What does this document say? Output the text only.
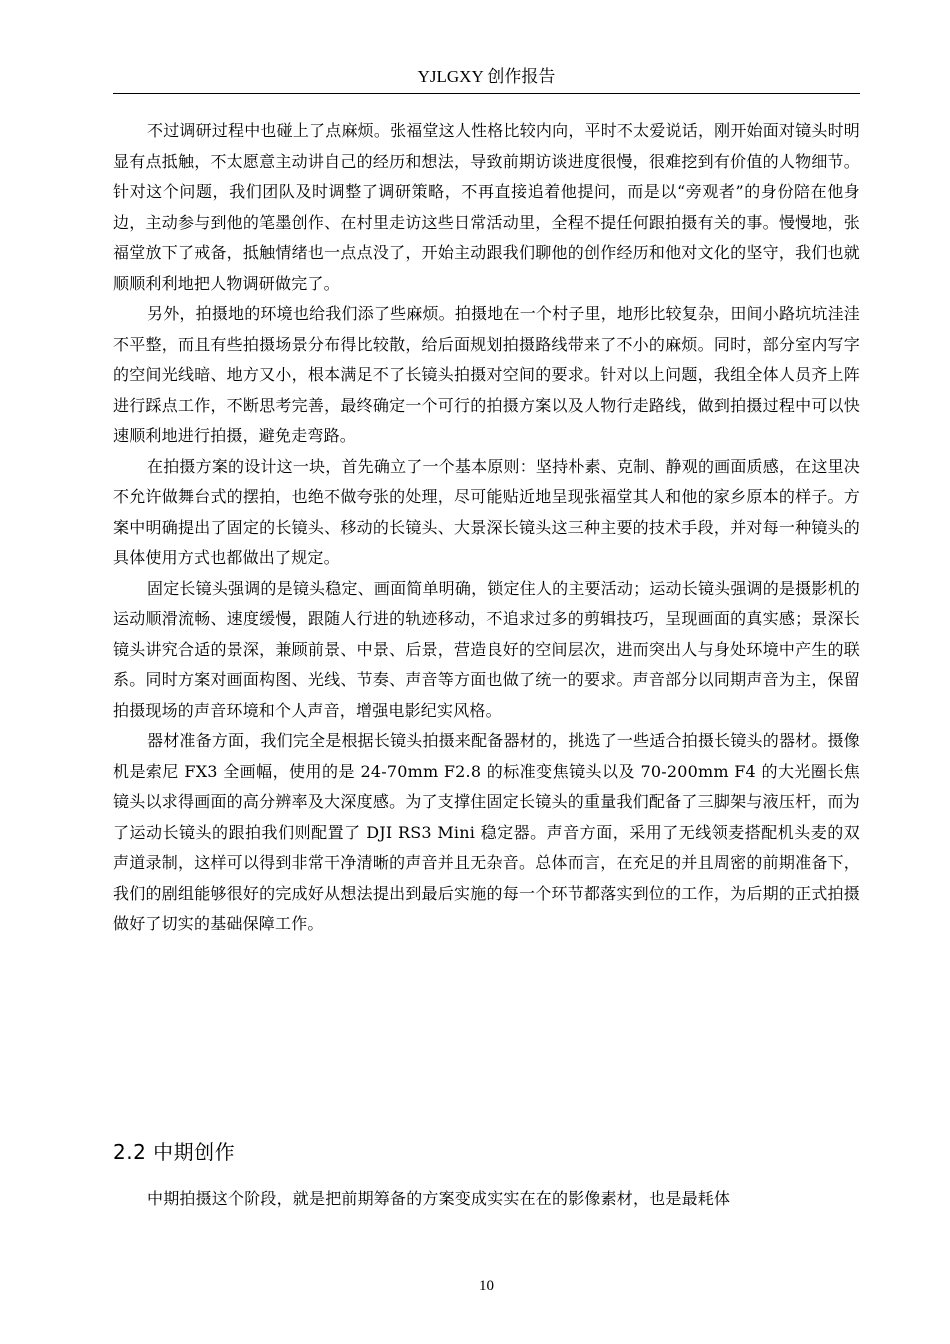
YJLGXY 创作报告

不过调研过程中也碰上了点麻烦。张福堂这人性格比较内向，平时不太爱说话，刚开始面对镜头时明显有点抵触，不太愿意主动讲自己的经历和想法，导致前期访谈进度很慢，很难挖到有价值的人物细节。针对这个问题，我们团队及时调整了调研策略，不再直接追着他提问，而是以“旁观者”的身份陪在他身边，主动参与到他的笔墨创作、在村里走访这些日常活动里，全程不提任何跟拍摄有关的事。慢慢地，张福堂放下了戒备，抵触情绪也一点点没了，开始主动跟我们聊他的创作经历和他对文化的坚守，我们也就顺顺利利地把人物调研做完了。

另外，拍摄地的环境也给我们添了些麻烦。拍摄地在一个村子里，地形比较复杂，田间小路坑坑洼洼不平整，而且有些拍摄场景分布得比较散，给后面规划拍摄路线带来了不小的麻烦。同时，部分室内写字的空间光线暗、地方又小，根本满足不了长镜头拍摄对空间的要求。针对以上问题，我组全体人员齐上阵进行踩点工作，不断思考完善，最终确定一个可行的拍摄方案以及人物行走路线，做到拍摄过程中可以快速顺利地进行拍摄，避免走弯路。

在拍摄方案的设计这一块，首先确立了一个基本原则：坚持朴素、克制、静观的画面质感，在这里决不允许做舞台式的摆拍，也绝不做夸张的处理，尽可能贴近地呈现张福堂其人和他的家乡原本的样子。方案中明确提出了固定的长镜头、移动的长镜头、大景深长镜头这三种主要的技术手段，并对每一种镜头的具体使用方式也都做出了规定。

固定长镜头强调的是镜头稳定、画面简单明确，锁定住人的主要活动；运动长镜头强调的是摄影机的运动顺滑流畅、速度缓慢，跟随人行进的轨迹移动，不追求过多的剪辑技巧，呈现画面的真实感；景深长镜头讲究合适的景深，兼顾前景、中景、后景，营造良好的空间层次，进而突出人与身处环境中产生的联系。同时方案对画面构图、光线、节奏、声音等方面也做了统一的要求。声音部分以同期声音为主，保留拍摄现场的声音环境和个人声音，增强电影纪实风格。

器材准备方面，我们完全是根据长镜头拍摄来配备器材的，挑选了一些适合拍摄长镜头的器材。摄像机是索尼 FX3 全画幅，使用的是 24-70mm F2.8 的标准变焦镜头以及 70-200mm F4 的大光圈长焦镜头以求得画面的高分辨率及大深度感。为了支撑住固定长镜头的重量我们配备了三脚架与液压杆，而为了运动长镜头的跟拍我们则配置了 DJI RS3 Mini 稳定器。声音方面，采用了无线领麦搭配机头麦的双声道录制，这样可以得到非常干净清晰的声音并且无杂音。总体而言，在充足的并且周密的前期准备下，我们的剧组能够很好的完成好从想法提出到最后实施的每一个环节都落实到位的工作，为后期的正式拍摄做好了切实的基础保障工作。

2.2 中期创作

中期拍摄这个阶段，就是把前期筹备的方案变成实实在在的影像素材，也是最耗体

10
